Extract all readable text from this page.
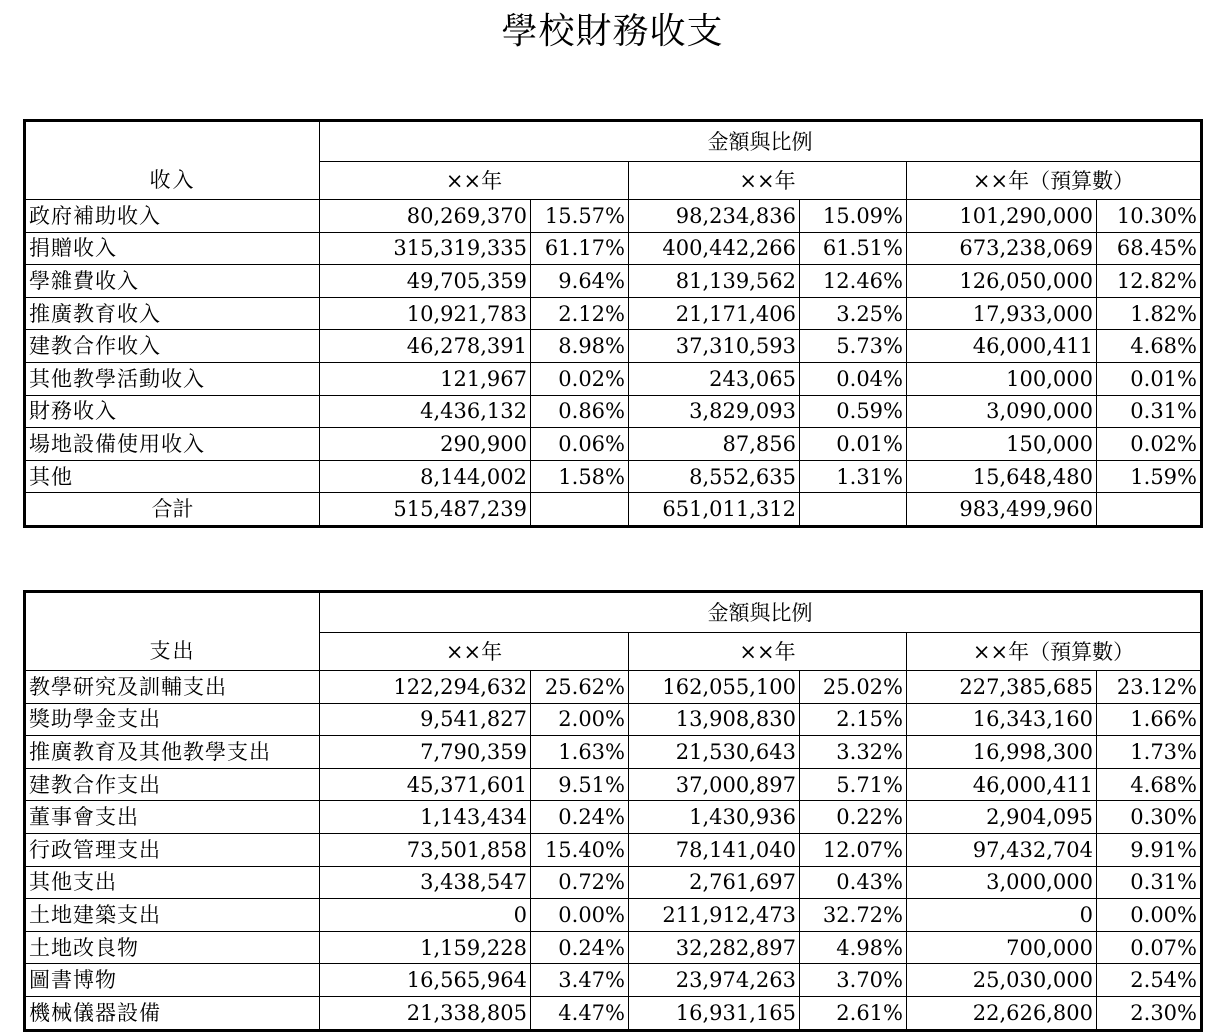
學校財務收支
收入	金額與比例					
	××年		××年		××年（預算數）	
政府補助收入	80,269,370	15.57%	98,234,836	15.09%	101,290,000	10.30%
捐贈收入	315,319,335	61.17%	400,442,266	61.51%	673,238,069	68.45%
學雜費收入	49,705,359	9.64%	81,139,562	12.46%	126,050,000	12.82%
推廣教育收入	10,921,783	2.12%	21,171,406	3.25%	17,933,000	1.82%
建教合作收入	46,278,391	8.98%	37,310,593	5.73%	46,000,411	4.68%
其他教學活動收入	121,967	0.02%	243,065	0.04%	100,000	0.01%
財務收入	4,436,132	0.86%	3,829,093	0.59%	3,090,000	0.31%
場地設備使用收入	290,900	0.06%	87,856	0.01%	150,000	0.02%
其他	8,144,002	1.58%	8,552,635	1.31%	15,648,480	1.59%
合計	515,487,239		651,011,312		983,499,960	
支出	金額與比例					
	××年		××年		××年（預算數）	
教學研究及訓輔支出	122,294,632	25.62%	162,055,100	25.02%	227,385,685	23.12%
獎助學金支出	9,541,827	2.00%	13,908,830	2.15%	16,343,160	1.66%
推廣教育及其他教學支出	7,790,359	1.63%	21,530,643	3.32%	16,998,300	1.73%
建教合作支出	45,371,601	9.51%	37,000,897	5.71%	46,000,411	4.68%
董事會支出	1,143,434	0.24%	1,430,936	0.22%	2,904,095	0.30%
行政管理支出	73,501,858	15.40%	78,141,040	12.07%	97,432,704	9.91%
其他支出	3,438,547	0.72%	2,761,697	0.43%	3,000,000	0.31%
土地建築支出	0	0.00%	211,912,473	32.72%	0	0.00%
土地改良物	1,159,228	0.24%	32,282,897	4.98%	700,000	0.07%
圖書博物	16,565,964	3.47%	23,974,263	3.70%	25,030,000	2.54%
機械儀器設備	21,338,805	4.47%	16,931,165	2.61%	22,626,800	2.30%
